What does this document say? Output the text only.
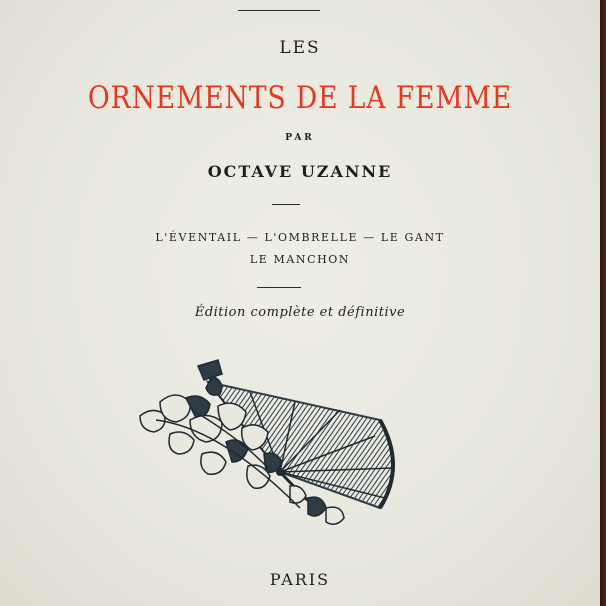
LES
ORNEMENTS DE LA FEMME
PAR
OCTAVE UZANNE
L'ÉVENTAIL — L'OMBRELLE — LE GANT
LE MANCHON
Édition complète et définitive
PARIS
